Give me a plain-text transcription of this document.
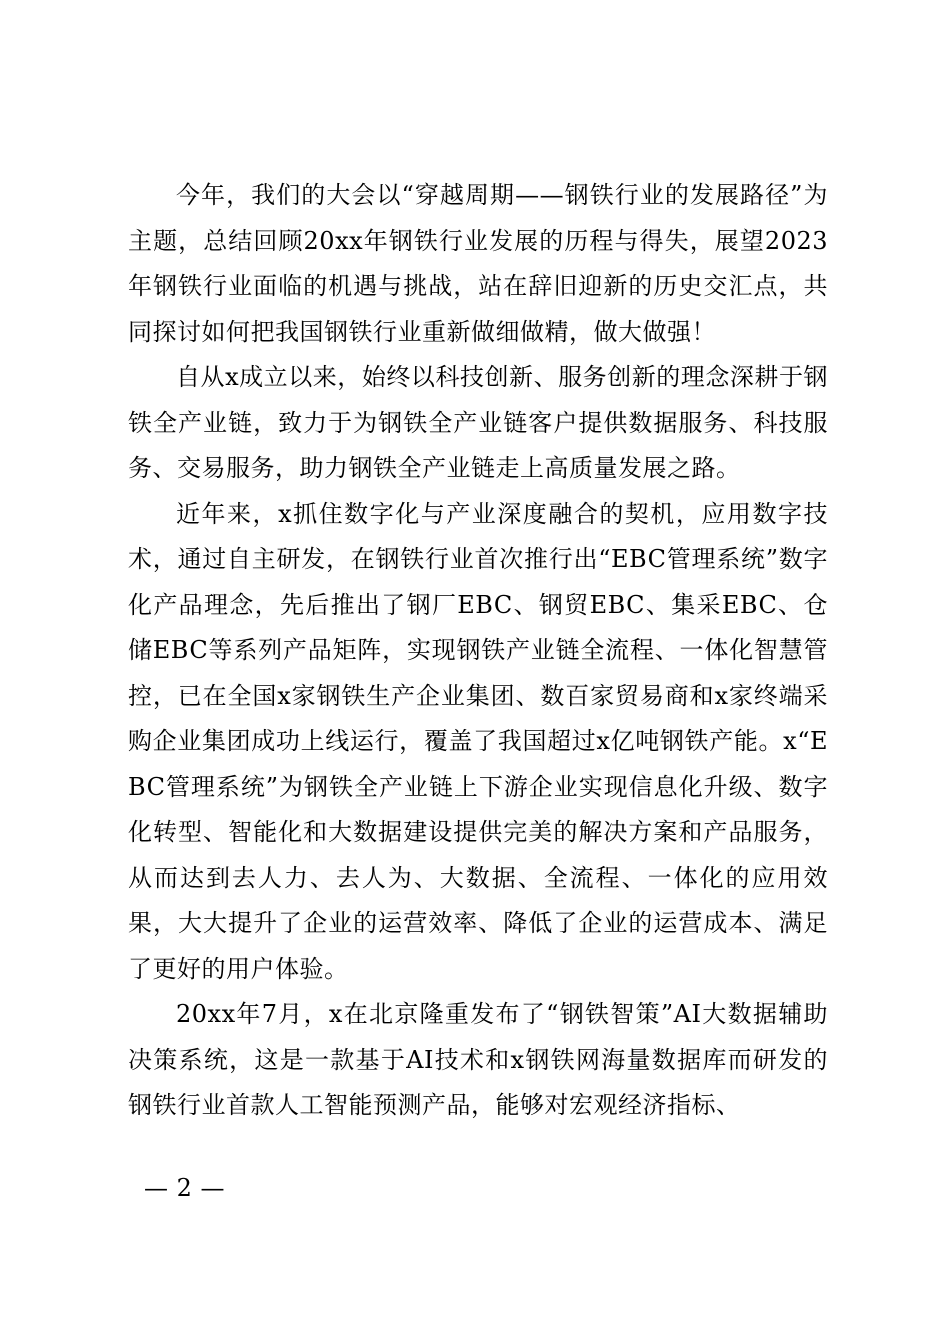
今年，我们的大会以“穿越周期——钢铁行业的发展路径”为主题，总结回顾20xx年钢铁行业发展的历程与得失，展望2023年钢铁行业面临的机遇与挑战，站在辞旧迎新的历史交汇点，共同探讨如何把我国钢铁行业重新做细做精，做大做强！

自从x成立以来，始终以科技创新、服务创新的理念深耕于钢铁全产业链，致力于为钢铁全产业链客户提供数据服务、科技服务、交易服务，助力钢铁全产业链走上高质量发展之路。

近年来，x抓住数字化与产业深度融合的契机，应用数字技术，通过自主研发，在钢铁行业首次推行出“EBC管理系统”数字化产品理念，先后推出了钢厂EBC、钢贸EBC、集采EBC、仓储EBC等系列产品矩阵，实现钢铁产业链全流程、一体化智慧管控，已在全国x家钢铁生产企业集团、数百家贸易商和x家终端采购企业集团成功上线运行，覆盖了我国超过x亿吨钢铁产能。x“EBC管理系统”为钢铁全产业链上下游企业实现信息化升级、数字化转型、智能化和大数据建设提供完美的解决方案和产品服务，从而达到去人力、去人为、大数据、全流程、一体化的应用效果，大大提升了企业的运营效率、降低了企业的运营成本、满足了更好的用户体验。

20xx年7月，x在北京隆重发布了“钢铁智策”AI大数据辅助决策系统，这是一款基于AI技术和x钢铁网海量数据库而研发的钢铁行业首款人工智能预测产品，能够对宏观经济指标、

— 2 —
